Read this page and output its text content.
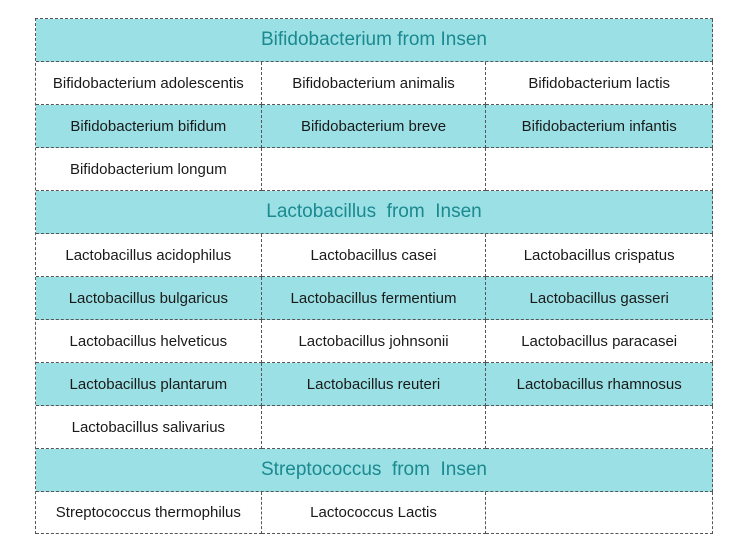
Bifidobacterium from Insen
Bifidobacterium adolescentis	Bifidobacterium animalis	Bifidobacterium lactis
Bifidobacterium bifidum	Bifidobacterium breve	Bifidobacterium infantis
Bifidobacterium longum
Lactobacillus  from  Insen
Lactobacillus acidophilus	Lactobacillus casei	Lactobacillus crispatus
Lactobacillus bulgaricus	Lactobacillus fermentium	Lactobacillus gasseri
Lactobacillus helveticus	Lactobacillus johnsonii	Lactobacillus paracasei
Lactobacillus plantarum	Lactobacillus reuteri	Lactobacillus rhamnosus
Lactobacillus salivarius
Streptococcus  from  Insen
Streptococcus thermophilus	Lactococcus Lactis
